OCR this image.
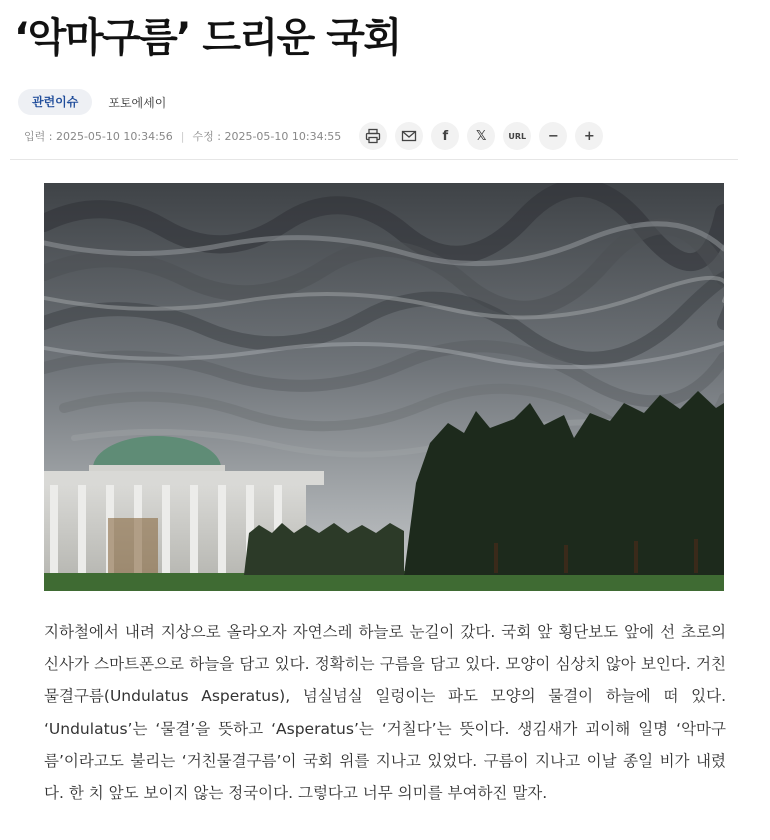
‘악마구름’ 드리운 국회
관련이슈	포토에세이
입력 : 2025-05-10 10:34:56 | 수정 : 2025-05-10 10:34:55	f	𝕏	URL	−	+

지하철에서 내려 지상으로 올라오자 자연스레 하늘로 눈길이 갔다. 국회 앞 횡단보도 앞에 선 초로의 신사가 스마트폰으로 하늘을 담고 있다. 정확히는 구름을 담고 있다. 모양이 심상치 않아 보인다. 거친물결구름(Undulatus Asperatus), 넘실넘실 일렁이는 파도 모양의 물결이 하늘에 떠 있다. ‘Undulatus’는 ‘물결’을 뜻하고 ‘Asperatus’는 ‘거칠다’는 뜻이다. 생김새가 괴이해 일명 ‘악마구름’이라고도 불리는 ‘거친물결구름’이 국회 위를 지나고 있었다. 구름이 지나고 이날 종일 비가 내렸다. 한 치 앞도 보이지 않는 정국이다. 그렇다고 너무 의미를 부여하진 말자.
